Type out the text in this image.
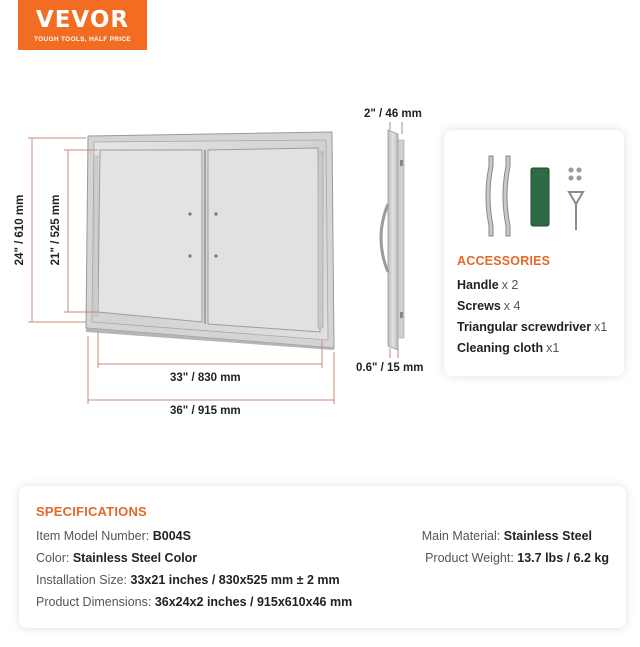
VEVOR
TOUGH TOOLS, HALF PRICE
24" / 610 mm 21" / 525 mm
33" / 830 mm
36" / 915 mm
2" / 46 mm
0.6" / 15 mm
ACCESSORIES
Handle x 2
Screws x 4
Triangular screwdriver x1
Cleaning cloth x1
SPECIFICATIONS
Item Model Number: B004S
Color: Stainless Steel Color
Installation Size: 33x21 inches / 830x525 mm ± 2 mm
Product Dimensions: 36x24x2 inches / 915x610x46 mm
Main Material: Stainless Steel
Product Weight: 13.7 lbs / 6.2 kg
